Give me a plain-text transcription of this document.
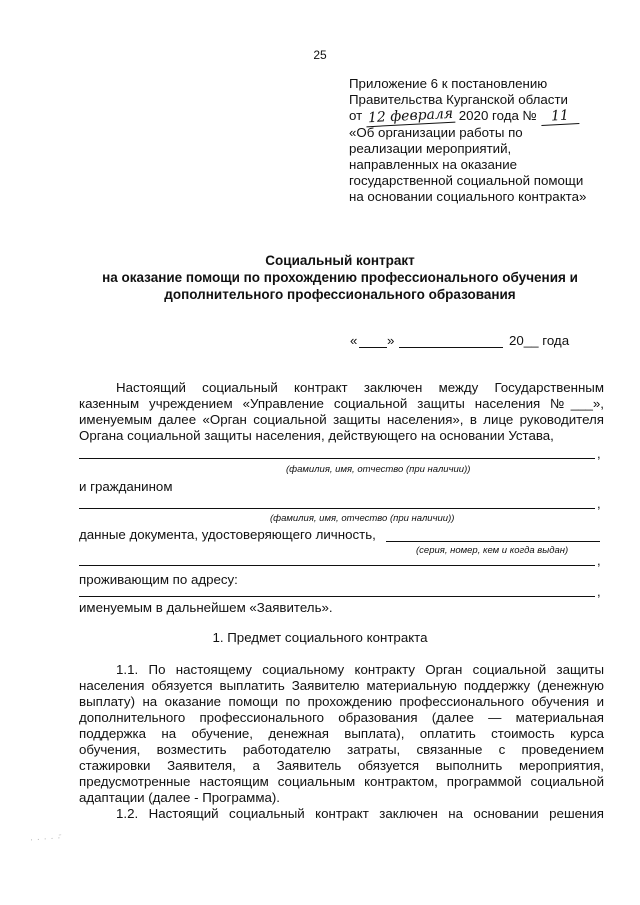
25
Приложение 6 к постановлению
Правительства Курганской области
от 12 февраля 2020 года № 11
«Об организации работы по
реализации мероприятий,
направленных на оказание
государственной социальной помощи
на основании социального контракта»
Социальный контракт
на оказание помощи по прохождению профессионального обучения и
дополнительного профессионального образования
« »	20__ года
Настоящий социальный контракт заключен между Государственным
казенным учреждением «Управление социальной защиты населения №___»,
именуемым далее «Орган социальной защиты населения», в лице руководителя
Органа социальной защиты населения, действующего на основании Устава,
,
(фамилия, имя, отчество (при наличии))
и гражданином
,
(фамилия, имя, отчество (при наличии))
данные документа, удостоверяющего личность,
(серия, номер, кем и когда выдан)
,
проживающим по адресу:
,
именуемым в дальнейшем «Заявитель».
1. Предмет социального контракта
1.1. По настоящему социальному контракту Орган социальной защиты
населения обязуется выплатить Заявителю материальную поддержку (денежную
выплату) на оказание помощи по прохождению профессионального обучения и
дополнительного профессионального образования (далее — материальная
поддержка на обучение, денежная выплата), оплатить стоимость курса
обучения, возместить работодателю затраты, связанные с проведением
стажировки Заявителя, а Заявитель обязуется выполнить мероприятия,
предусмотренные настоящим социальным контрактом, программой социальной
адаптации (далее - Программа).
1.2. Настоящий социальный контракт заключен на основании решения
· · · · ·̈
